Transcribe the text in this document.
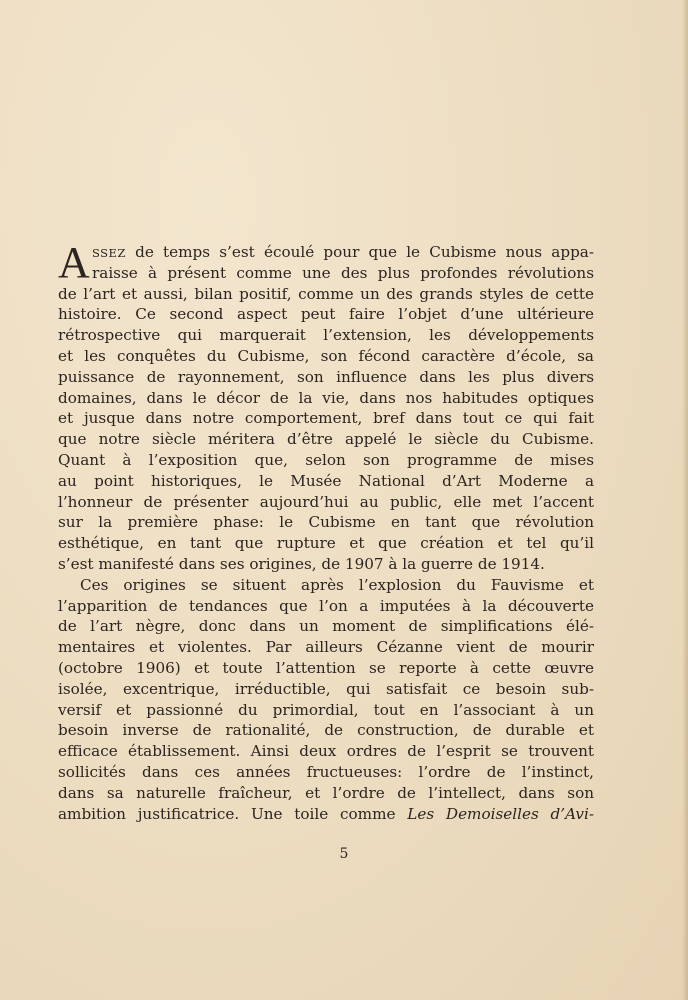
A SSEZ de temps s’est écoulé pour que le Cubisme nous appa-
raisse à présent comme une des plus profondes révolutions
de l’art et aussi, bilan positif, comme un des grands styles de cette
histoire. Ce second aspect peut faire l’objet d’une ultérieure
rétrospective qui marquerait l’extension, les développements
et les conquêtes du Cubisme, son fécond caractère d’école, sa
puissance de rayonnement, son influence dans les plus divers
domaines, dans le décor de la vie, dans nos habitudes optiques
et jusque dans notre comportement, bref dans tout ce qui fait
que notre siècle méritera d’être appelé le siècle du Cubisme.
Quant à l’exposition que, selon son programme de mises
au point historiques, le Musée National d’Art Moderne a
l’honneur de présenter aujourd’hui au public, elle met l’accent
sur la première phase: le Cubisme en tant que révolution
esthétique, en tant que rupture et que création et tel qu’il
s’est manifesté dans ses origines, de 1907 à la guerre de 1914.
Ces origines se situent après l’explosion du Fauvisme et
l’apparition de tendances que l’on a imputées à la découverte
de l’art nègre, donc dans un moment de simplifications élé-
mentaires et violentes. Par ailleurs Cézanne vient de mourir
(octobre 1906) et toute l’attention se reporte à cette œuvre
isolée, excentrique, irréductible, qui satisfait ce besoin sub-
versif et passionné du primordial, tout en l’associant à un
besoin inverse de rationalité, de construction, de durable et
efficace établissement. Ainsi deux ordres de l’esprit se trouvent
sollicités dans ces années fructueuses: l’ordre de l’instinct,
dans sa naturelle fraîcheur, et l’ordre de l’intellect, dans son
ambition justificatrice. Une toile comme Les Demoiselles d’Avi-
5
